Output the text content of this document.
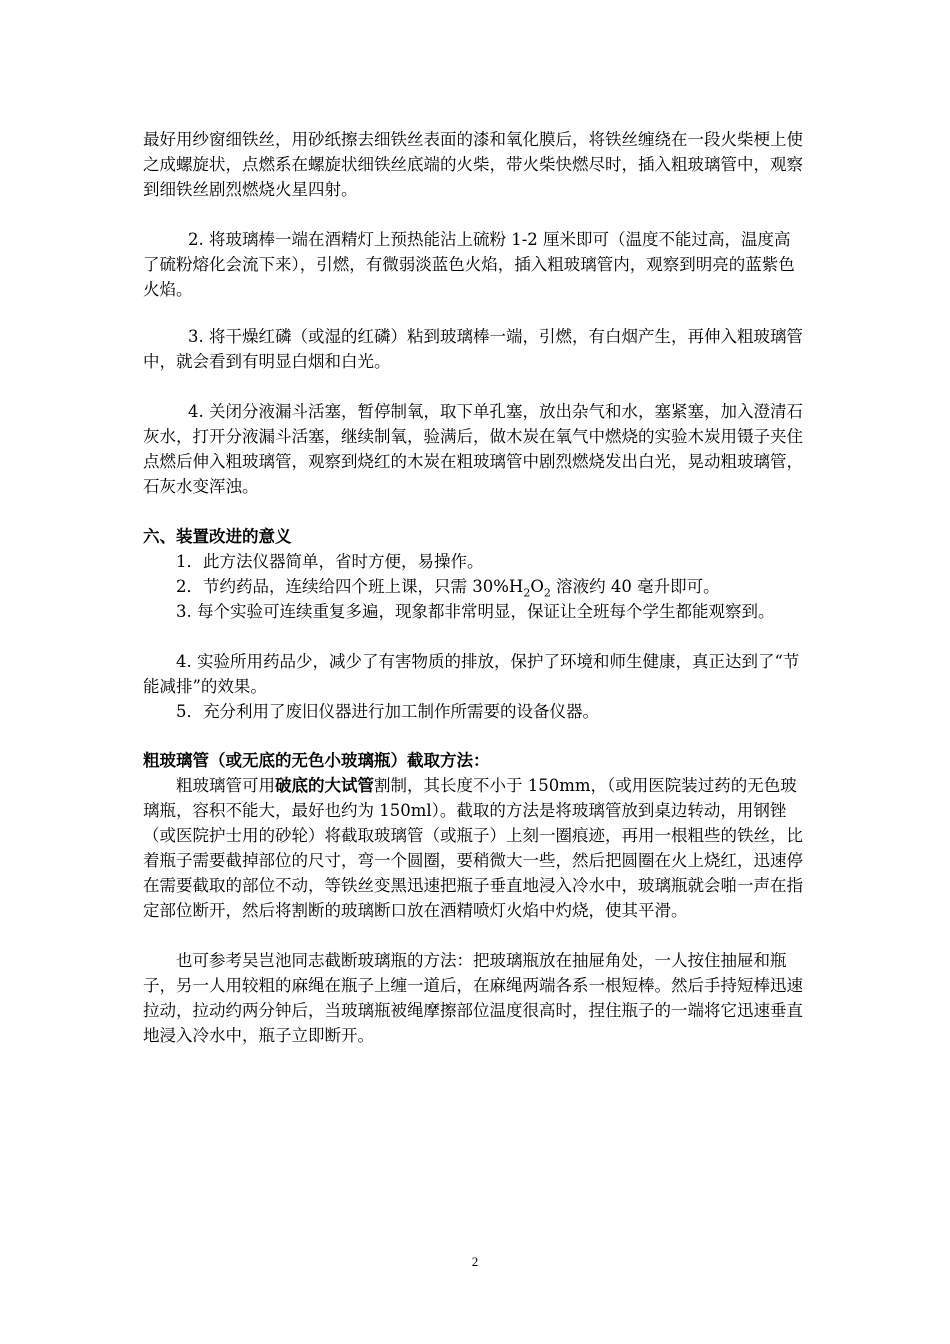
最好用纱窗细铁丝，用砂纸擦去细铁丝表面的漆和氧化膜后，将铁丝缠绕在一段火柴梗上使之成螺旋状，点燃系在螺旋状细铁丝底端的火柴，带火柴快燃尽时，插入粗玻璃管中，观察到细铁丝剧烈燃烧火星四射。

2. 将玻璃棒一端在酒精灯上预热能沾上硫粉 1-2 厘米即可（温度不能过高，温度高了硫粉熔化会流下来），引燃，有微弱淡蓝色火焰，插入粗玻璃管内，观察到明亮的蓝紫色火焰。

3. 将干燥红磷（或湿的红磷）粘到玻璃棒一端，引燃，有白烟产生，再伸入粗玻璃管中，就会看到有明显白烟和白光。

4. 关闭分液漏斗活塞，暂停制氧，取下单孔塞，放出杂气和水，塞紧塞，加入澄清石灰水，打开分液漏斗活塞，继续制氧，验满后，做木炭在氧气中燃烧的实验木炭用镊子夹住点燃后伸入粗玻璃管，观察到烧红的木炭在粗玻璃管中剧烈燃烧发出白光，晃动粗玻璃管，石灰水变浑浊。

六、装置改进的意义

1．此方法仪器简单，省时方便，易操作。

2．节约药品，连续给四个班上课，只需 $30\%H_2O_2$ 溶液约 40 毫升即可。

3. 每个实验可连续重复多遍，现象都非常明显，保证让全班每个学生都能观察到。

4. 实验所用药品少，减少了有害物质的排放，保护了环境和师生健康，真正达到了“节能减排”的效果。

5．充分利用了废旧仪器进行加工制作所需要的设备仪器。

粗玻璃管（或无底的无色小玻璃瓶）截取方法：

粗玻璃管可用破底的大试管割制，其长度不小于 150mm，（或用医院装过药的无色玻璃瓶，容积不能大，最好也约为 150ml）。截取的方法是将玻璃管放到桌边转动，用钢锉（或医院护士用的砂轮）将截取玻璃管（或瓶子）上刻一圈痕迹，再用一根粗些的铁丝，比着瓶子需要截掉部位的尺寸，弯一个圆圈，要稍微大一些，然后把圆圈在火上烧红，迅速停在需要截取的部位不动，等铁丝变黑迅速把瓶子垂直地浸入冷水中，玻璃瓶就会啪一声在指定部位断开，然后将割断的玻璃断口放在酒精喷灯火焰中灼烧，使其平滑。

也可参考吴岂池同志截断玻璃瓶的方法：把玻璃瓶放在抽屉角处，一人按住抽屉和瓶子，另一人用较粗的麻绳在瓶子上缠一道后，在麻绳两端各系一根短棒。然后手持短棒迅速拉动，拉动约两分钟后，当玻璃瓶被绳摩擦部位温度很高时，捏住瓶子的一端将它迅速垂直地浸入冷水中，瓶子立即断开。

2
